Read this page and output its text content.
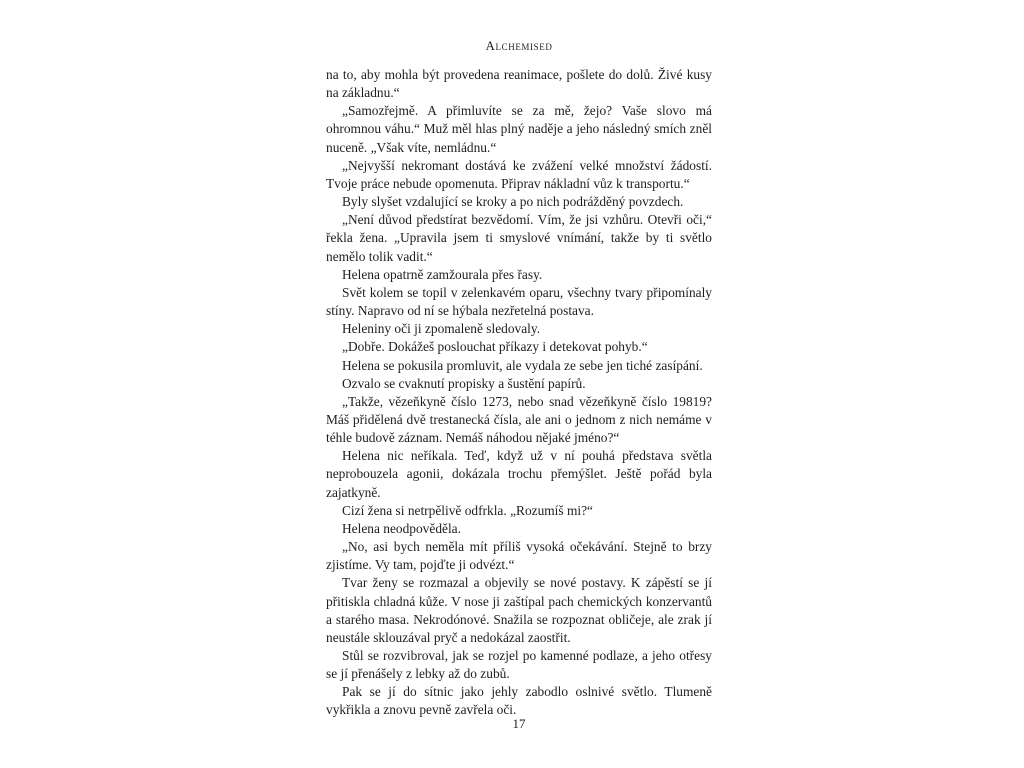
Alchemised

na to, aby mohla být provedena reanimace, pošlete do dolů. Živé kusy na základnu.“

„Samozřejmě. A přimluvíte se za mě, žejo? Vaše slovo má ohromnou váhu.“ Muž měl hlas plný naděje a jeho následný smích zněl nuceně. „Však víte, nemládnu.“

„Nejvyšší nekromant dostává ke zvážení velké množství žádostí. Tvoje práce nebude opomenuta. Připrav nákladní vůz k transportu.“

Byly slyšet vzdalující se kroky a po nich podrážděný povzdech.

„Není důvod předstírat bezvědomí. Vím, že jsi vzhůru. Otevři oči,“ řekla žena. „Upravila jsem ti smyslové vnímání, takže by ti světlo nemělo tolik vadit.“

Helena opatrně zamžourala přes řasy.

Svět kolem se topil v zelenkavém oparu, všechny tvary připomínaly stíny. Napravo od ní se hýbala nezřetelná postava.

Heleniny oči ji zpomaleně sledovaly.

„Dobře. Dokážeš poslouchat příkazy i detekovat pohyb.“

Helena se pokusila promluvit, ale vydala ze sebe jen tiché zasípání.

Ozvalo se cvaknutí propisky a šustění papírů.

„Takže, vězeňkyně číslo 1273, nebo snad vězeňkyně číslo 19819? Máš přidělená dvě trestanecká čísla, ale ani o jednom z nich nemáme v téhle budově záznam. Nemáš náhodou nějaké jméno?“

Helena nic neříkala. Teď, když už v ní pouhá představa světla neprobouzela agonii, dokázala trochu přemýšlet. Ještě pořád byla zajatkyně.

Cizí žena si netrpělivě odfrkla. „Rozumíš mi?“

Helena neodpověděla.

„No, asi bych neměla mít příliš vysoká očekávání. Stejně to brzy zjistíme. Vy tam, pojďte ji odvézt.“

Tvar ženy se rozmazal a objevily se nové postavy. K zápěstí se jí přitiskla chladná kůže. V nose ji zaštípal pach chemických konzervantů a starého masa. Nekrodónové. Snažila se rozpoznat obličeje, ale zrak jí neustále sklouzával pryč a nedokázal zaostřit.

Stůl se rozvibroval, jak se rozjel po kamenné podlaze, a jeho otřesy se jí přenášely z lebky až do zubů.

Pak se jí do sítnic jako jehly zabodlo oslnivé světlo. Tlumeně vykřikla a znovu pevně zavřela oči.

17
